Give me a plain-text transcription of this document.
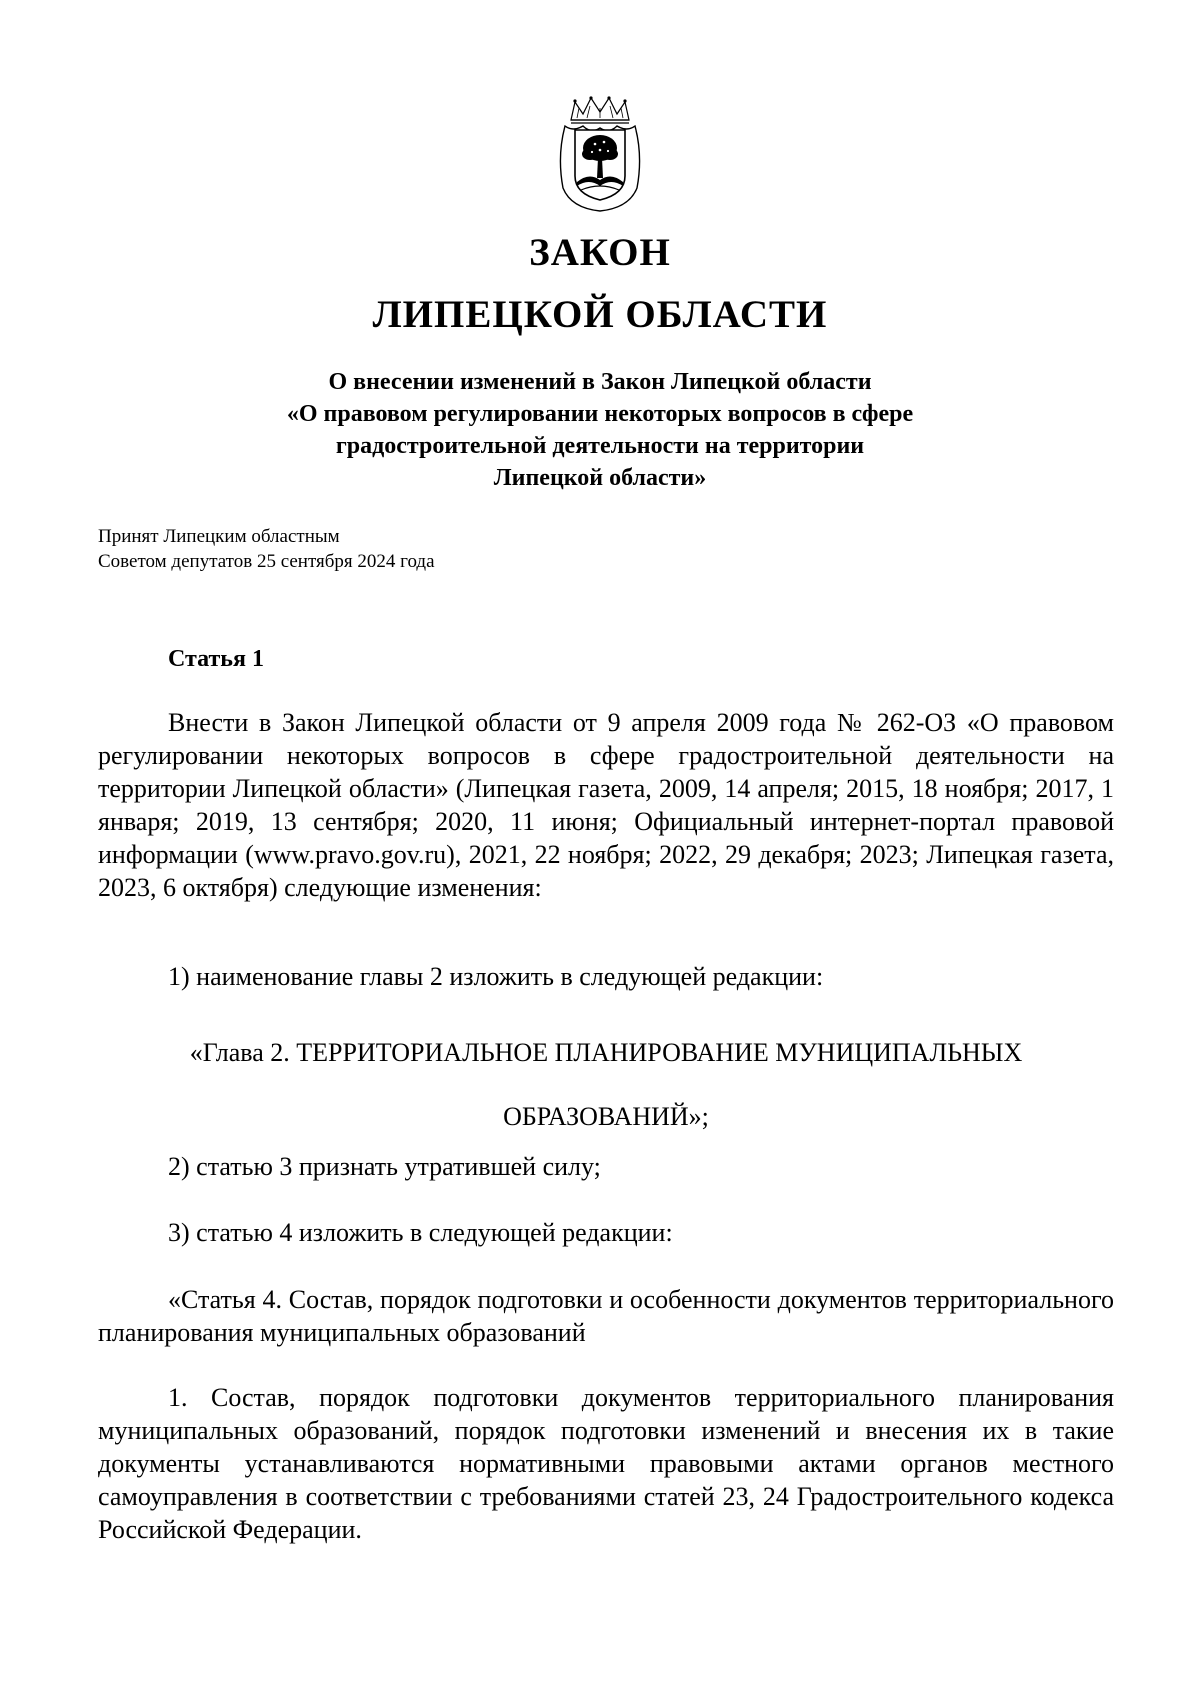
ЗАКОН
ЛИПЕЦКОЙ ОБЛАСТИ
О внесении изменений в Закон Липецкой области
«О правовом регулировании некоторых вопросов в сфере
градостроительной деятельности на территории
Липецкой области»
Принят Липецким областным
Советом депутатов 25 сентября 2024 года
Статья 1

Внести в Закон Липецкой области от 9 апреля 2009 года № 262-ОЗ «О правовом регулировании некоторых вопросов в сфере градостроительной деятельности на территории Липецкой области» (Липецкая газета, 2009, 14 апреля; 2015, 18 ноября; 2017, 1 января; 2019, 13 сентября; 2020, 11 июня; Официальный интернет-портал правовой информации (www.pravo.gov.ru), 2021, 22 ноября; 2022, 29 декабря; 2023; Липецкая газета, 2023, 6 октября) следующие изменения:

1) наименование главы 2 изложить в следующей редакции:

«Глава 2. ТЕРРИТОРИАЛЬНОЕ ПЛАНИРОВАНИЕ МУНИЦИПАЛЬНЫХ
ОБРАЗОВАНИЙ»;

2) статью 3 признать утратившей силу;

3) статью 4 изложить в следующей редакции:

«Статья 4. Состав, порядок подготовки и особенности документов территориального планирования муниципальных образований

1. Состав, порядок подготовки документов территориального планирования муниципальных образований, порядок подготовки изменений и внесения их в такие документы устанавливаются нормативными правовыми актами органов местного самоуправления в соответствии с требованиями статей 23, 24 Градостроительного кодекса Российской Федерации.
